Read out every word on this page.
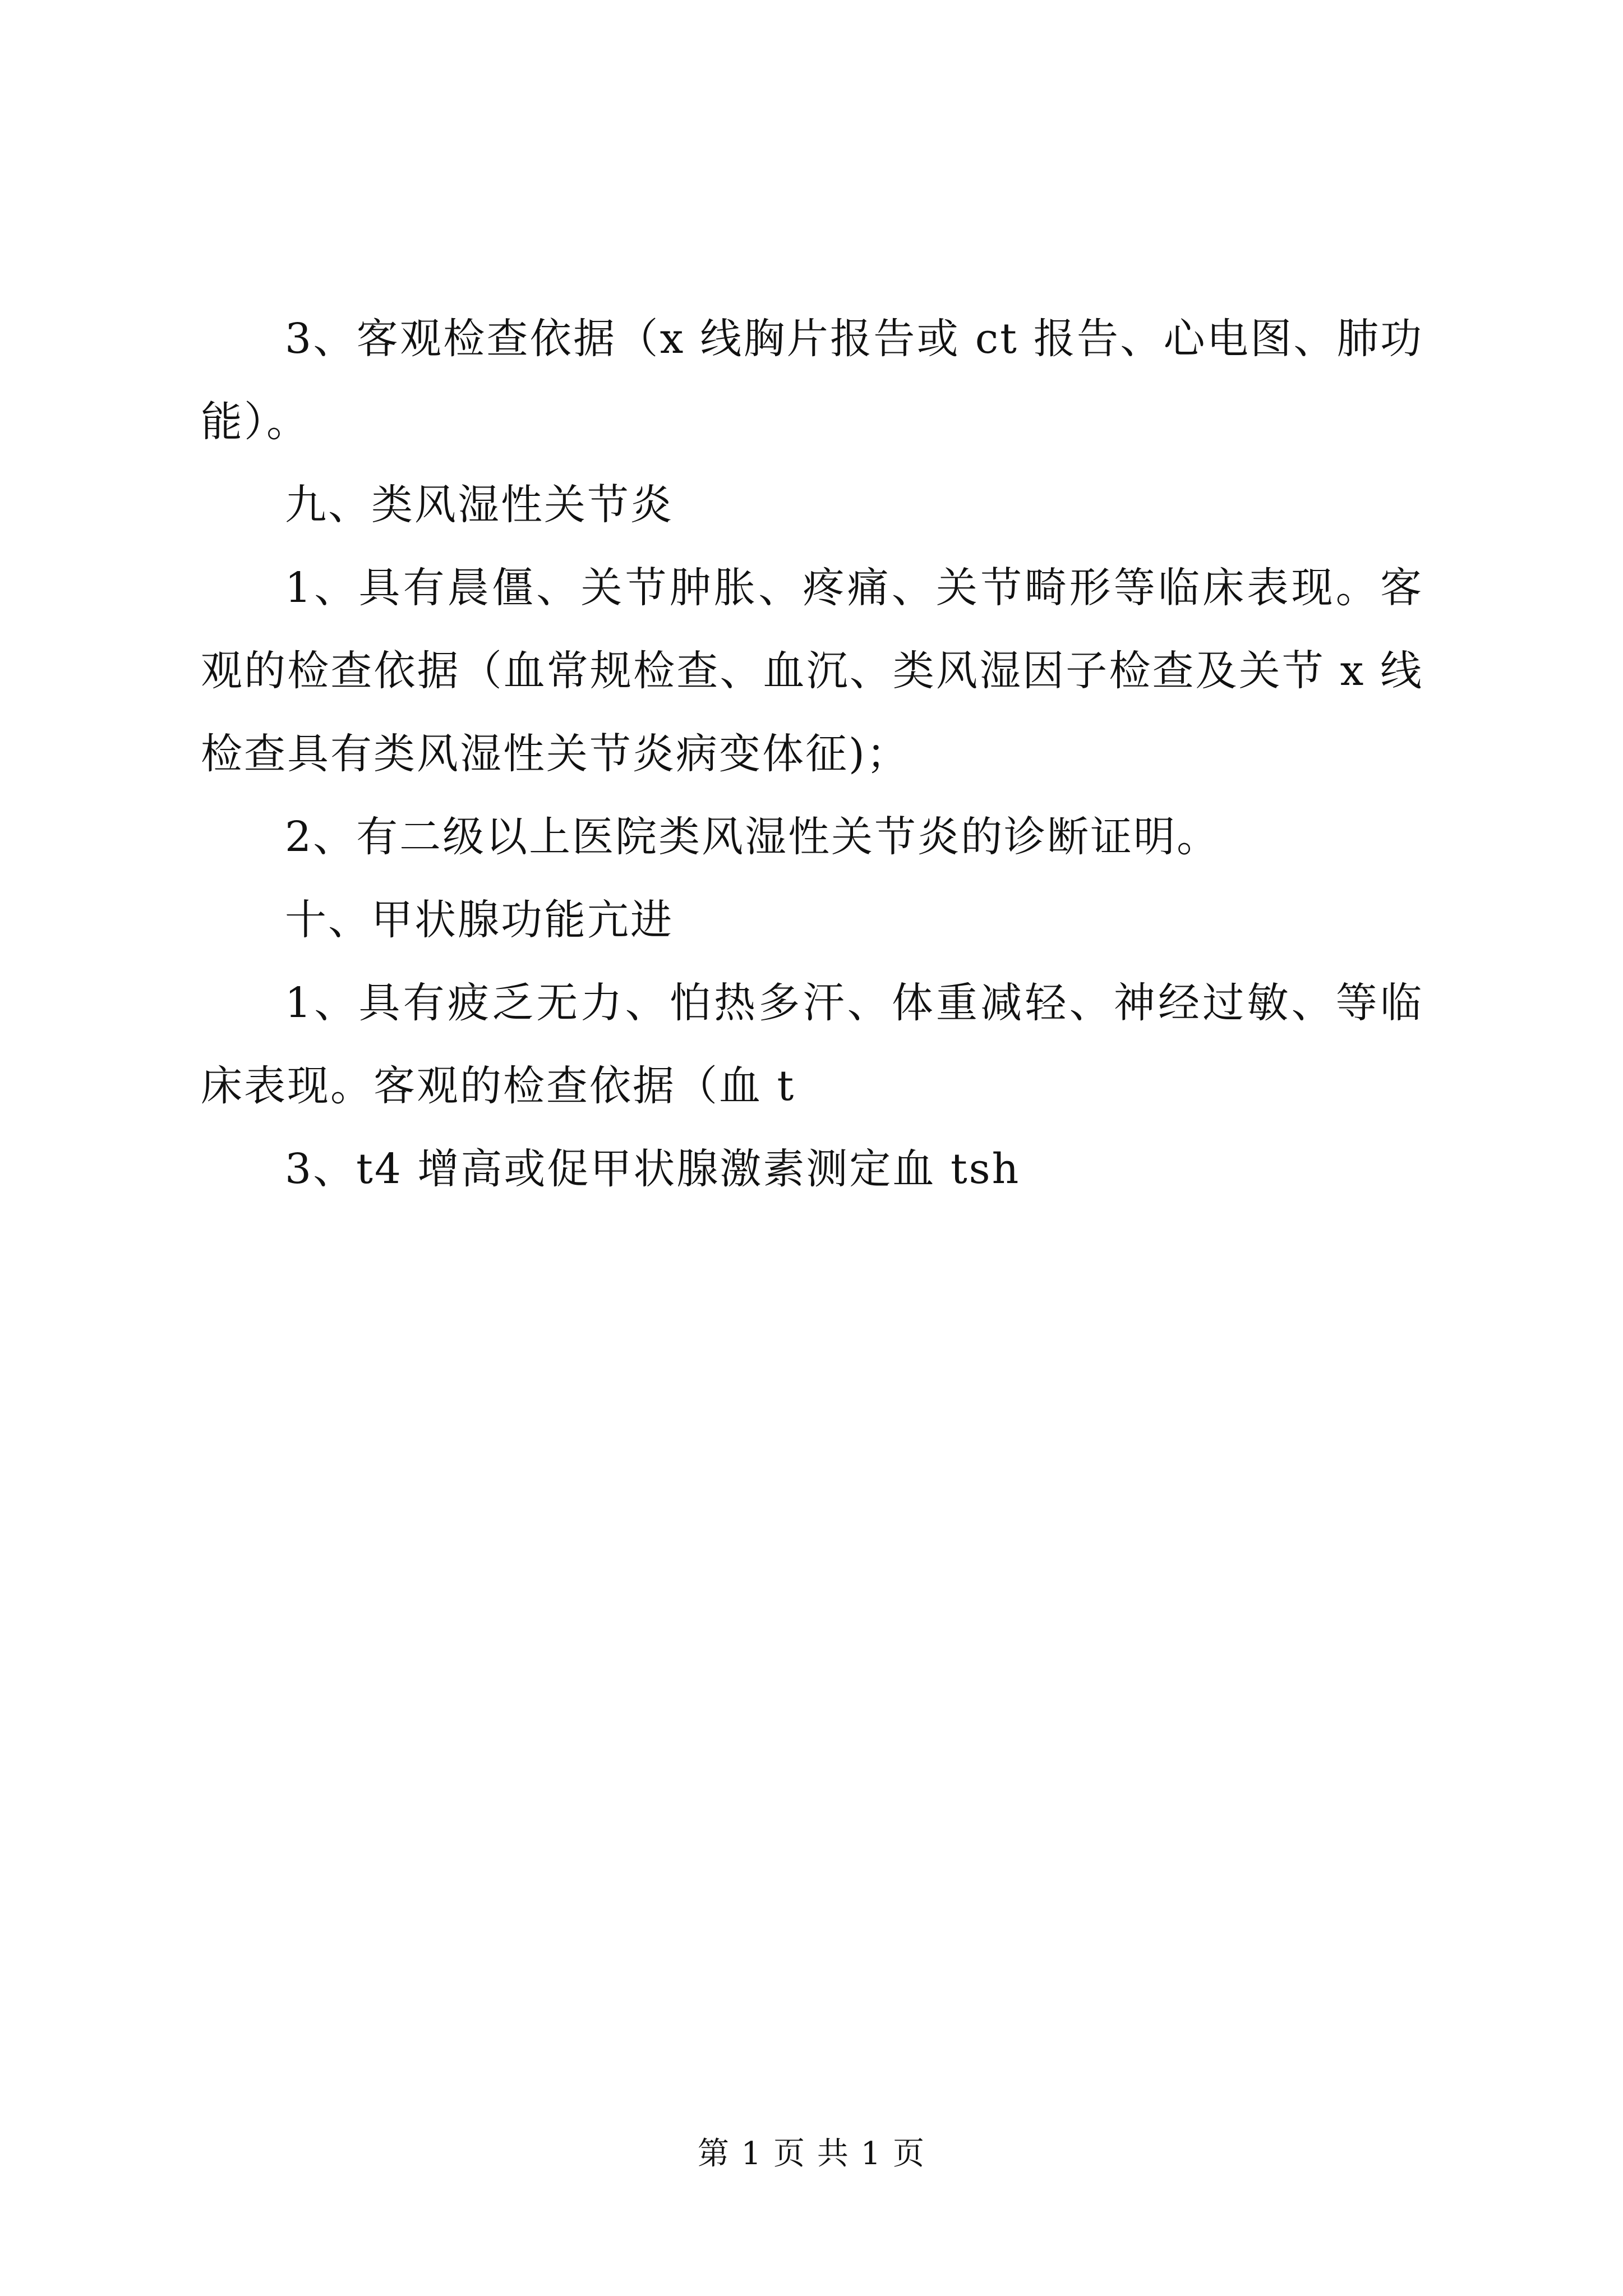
3、客观检查依据（x 线胸片报告或 ct 报告、心电图、肺功能）。

九、类风湿性关节炎

1、具有晨僵、关节肿胀、疼痛、关节畸形等临床表现。客观的检查依据（血常规检查、血沉、类风湿因子检查及关节 x 线检查具有类风湿性关节炎病变体征)；

2、有二级以上医院类风湿性关节炎的诊断证明。

十、甲状腺功能亢进

1、具有疲乏无力、怕热多汗、体重减轻、神经过敏、等临床表现。客观的检查依据（血 t

3、t4 增高或促甲状腺激素测定血 tsh

第 1 页 共 1 页
